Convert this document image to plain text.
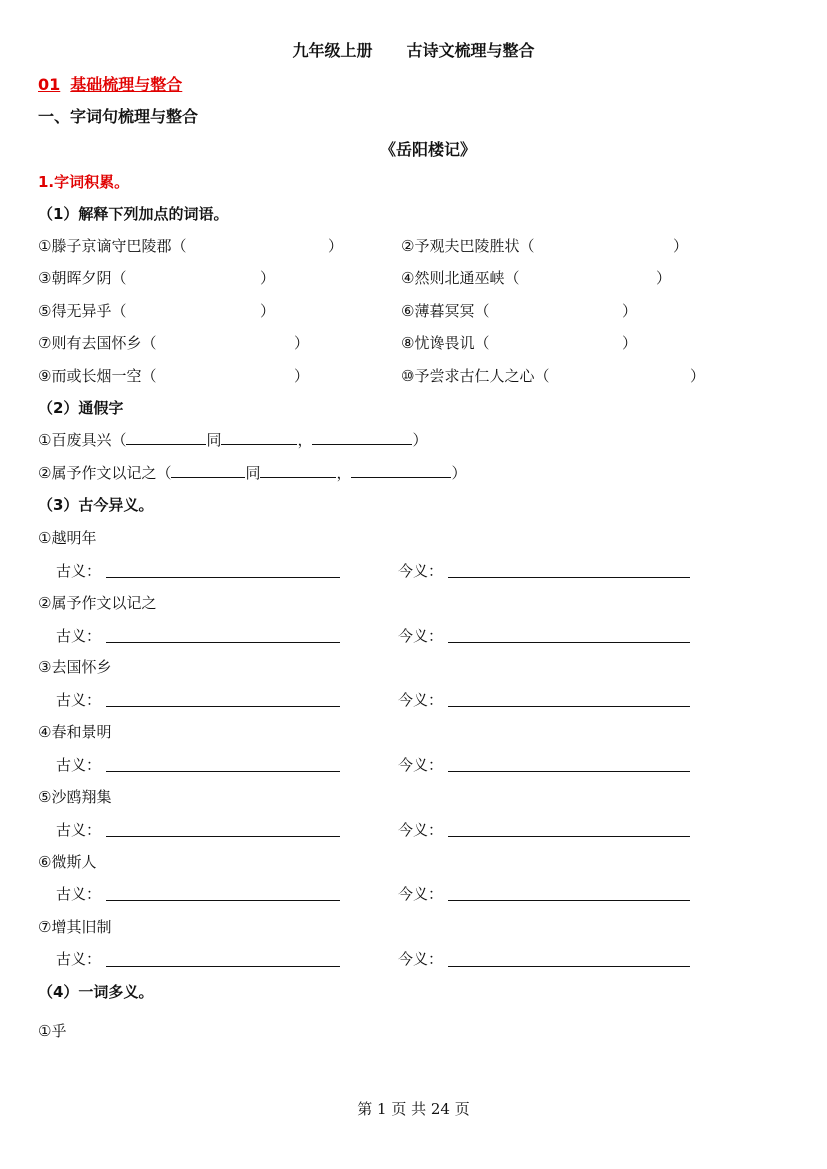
九年级上册 古诗文梳理与整合
01 基础梳理与整合
一、字词句梳理与整合
《岳阳楼记》
1.字词积累。
（1）解释下列加点的词语。
①滕子京谪守巴陵郡（	）	②予观夫巴陵胜状（	）
③朝晖夕阴（	）	④然则北通巫峡（	）
⑤得无异乎（	）	⑥薄暮冥冥（	）
⑦则有去国怀乡（	）	⑧忧谗畏讥（	）
⑨而或长烟一空（	）	⑩予尝求古仁人之心（	）
（2）通假字
①百废具兴（	同	，	）
②属予作文以记之（	同	，	）
（3）古今异义。
①越明年
古义：	今义：
②属予作文以记之
古义：	今义：
③去国怀乡
古义：	今义：
④春和景明
古义：	今义：
⑤沙鸥翔集
古义：	今义：
⑥微斯人
古义：	今义：
⑦增其旧制
古义：	今义：
（4）一词多义。
①乎
第 1 页 共 24 页
